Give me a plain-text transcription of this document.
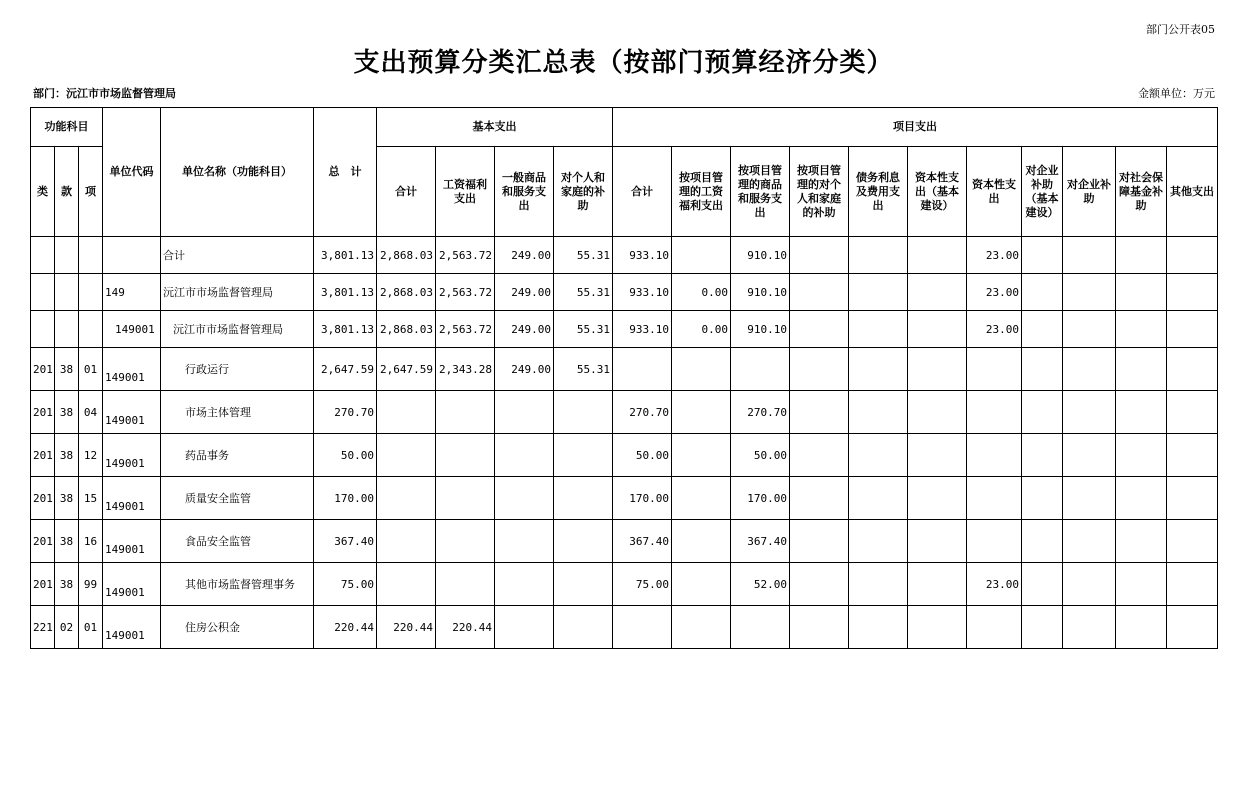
部门公开表05
支出预算分类汇总表（按部门预算经济分类）
部门：沅江市市场监督管理局	金额单位：万元
功能科目			单位代码	单位名称（功能科目）	总　计	基本支出				项目支出										
类	款	项				合计	工资福利支出	一般商品和服务支出	对个人和家庭的补助	合计	按项目管理的工资福利支出	按项目管理的商品和服务支出	按项目管理的对个人和家庭的补助	债务利息及费用支出	资本性支出（基本建设）	资本性支出	对企业补助（基本建设）	对企业补助	对社会保障基金补助	其他支出
				合计	3,801.13	2,868.03	2,563.72	249.00	55.31	933.10		910.10				23.00				
			149	沅江市市场监督管理局	3,801.13	2,868.03	2,563.72	249.00	55.31	933.10	0.00	910.10				23.00				
			149001	沅江市市场监督管理局	3,801.13	2,868.03	2,563.72	249.00	55.31	933.10	0.00	910.10				23.00				
201	38	01	149001	行政运行	2,647.59	2,647.59	2,343.28	249.00	55.31											
201	38	04	149001	市场主体管理	270.70					270.70		270.70								
201	38	12	149001	药品事务	50.00					50.00		50.00								
201	38	15	149001	质量安全监管	170.00					170.00		170.00								
201	38	16	149001	食品安全监管	367.40					367.40		367.40								
201	38	99	149001	其他市场监督管理事务	75.00					75.00		52.00				23.00				
221	02	01	149001	住房公积金	220.44	220.44	220.44													
